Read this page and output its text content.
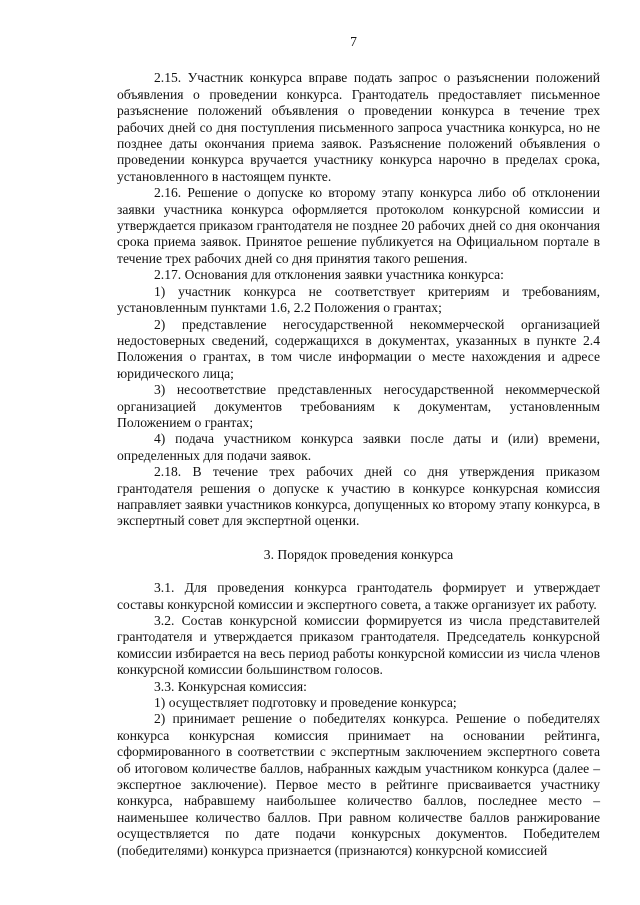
7

2.15. Участник конкурса вправе подать запрос о разъяснении положений объявления о проведении конкурса. Грантодатель предоставляет письменное разъяснение положений объявления о проведении конкурса в течение трех рабочих дней со дня поступления письменного запроса участника конкурса, но не позднее даты окончания приема заявок. Разъяснение положений объявления о проведении конкурса вручается участнику конкурса нарочно в пределах срока, установленного в настоящем пункте.

2.16. Решение о допуске ко второму этапу конкурса либо об отклонении заявки участника конкурса оформляется протоколом конкурсной комиссии и утверждается приказом грантодателя не позднее 20 рабочих дней со дня окончания срока приема заявок. Принятое решение публикуется на Официальном портале в течение трех рабочих дней со дня принятия такого решения.

2.17. Основания для отклонения заявки участника конкурса:

1) участник конкурса не соответствует критериям и требованиям, установленным пунктами 1.6, 2.2 Положения о грантах;

2) представление негосударственной некоммерческой организацией недостоверных сведений, содержащихся в документах, указанных в пункте 2.4 Положения о грантах, в том числе информации о месте нахождения и адресе юридического лица;

3) несоответствие представленных негосударственной некоммерческой организацией документов требованиям к документам, установленным Положением о грантах;

4) подача участником конкурса заявки после даты и (или) времени, определенных для подачи заявок.

2.18. В течение трех рабочих дней со дня утверждения приказом грантодателя решения о допуске к участию в конкурсе конкурсная комиссия направляет заявки участников конкурса, допущенных ко второму этапу конкурса, в экспертный совет для экспертной оценки.

3. Порядок проведения конкурса

3.1. Для проведения конкурса грантодатель формирует и утверждает составы конкурсной комиссии и экспертного совета, а также организует их работу.

3.2. Состав конкурсной комиссии формируется из числа представителей грантодателя и утверждается приказом грантодателя. Председатель конкурсной комиссии избирается на весь период работы конкурсной комиссии из числа членов конкурсной комиссии большинством голосов.

3.3. Конкурсная комиссия:

1) осуществляет подготовку и проведение конкурса;

2) принимает решение о победителях конкурса. Решение о победителях конкурса конкурсная комиссия принимает на основании рейтинга, сформированного в соответствии с экспертным заключением экспертного совета об итоговом количестве баллов, набранных каждым участником конкурса (далее – экспертное заключение). Первое место в рейтинге присваивается участнику конкурса, набравшему наибольшее количество баллов, последнее место – наименьшее количество баллов. При равном количестве баллов ранжирование осуществляется по дате подачи конкурсных документов. Победителем (победителями) конкурса признается (признаются) конкурсной комиссией
